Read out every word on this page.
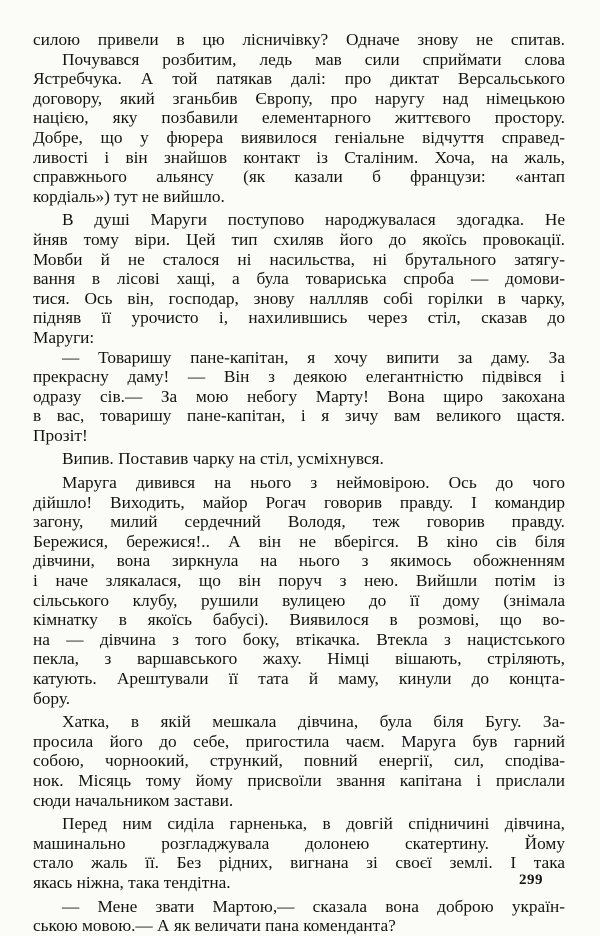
силою привели в цю лісничівку? Одначе знову не спитав.
Почувався розбитим, ледь мав сили сприймати слова
Ястребчука. А той патякав далі: про диктат Версальського
договору, який зганьбив Європу, про наругу над німецькою
нацією, яку позбавили елементарного життєвого простору.
Добре, що у фюрера виявилося геніальне відчуття справед-
ливості і він знайшов контакт із Сталіним. Хоча, на жаль,
справжнього альянсу (як казали б французи: «антап
кордіаль») тут не вийшло.
В душі Маруги поступово народжувалася здогадка. Не
йняв тому віри. Цей тип схиляв його до якоїсь провокації.
Мовби й не сталося ні насильства, ні брутального затягу-
вання в лісові хащі, а була товариська спроба — домови-
тися. Ось він, господар, знову наллляв собі горілки в чарку,
підняв її урочисто і, нахилившись через стіл, сказав до
Маруги:
— Товаришу пане-капітан, я хочу випити за даму. За
прекрасну даму! — Він з деякою елегантністю підвівся і
одразу сів.— За мою небогу Марту! Вона щиро закохана
в вас, товаришу пане-капітан, і я зичу вам великого щастя.
Прозіт!
Випив. Поставив чарку на стіл, усміхнувся.
Маруга дивився на нього з неймовірою. Ось до чого
дійшло! Виходить, майор Рогач говорив правду. І командир
загону, милий сердечний Володя, теж говорив правду.
Бережися, бережися!.. А він не вберігся. В кіно сів біля
дівчини, вона зиркнула на нього з якимось обожненням
і наче злякалася, що він поруч з нею. Вийшли потім із
сільського клубу, рушили вулицею до її дому (знімала
кімнатку в якоїсь бабусі). Виявилося в розмові, що во-
на — дівчина з того боку, втікачка. Втекла з нацистського
пекла, з варшавського жаху. Німці вішають, стріляють,
катують. Арештували її тата й маму, кинули до концта-
бору.
Хатка, в якій мешкала дівчина, була біля Бугу. За-
просила його до себе, пригостила чаєм. Маруга був гарний
собою, чорноокий, стрункий, повний енергії, сил, сподіва-
нок. Місяць тому йому присвоїли звання капітана і прислали
сюди начальником застави.
Перед ним сиділа гарненька, в довгій спідничині дівчина,
машинально розгладжувала долонею скатертину. Йому
стало жаль її. Без рідних, вигнана зі своєї землі. І така
якась ніжна, така тендітна.
— Мене звати Мартою,— сказала вона доброю україн-
ською мовою.— А як величати пана коменданта?
299
